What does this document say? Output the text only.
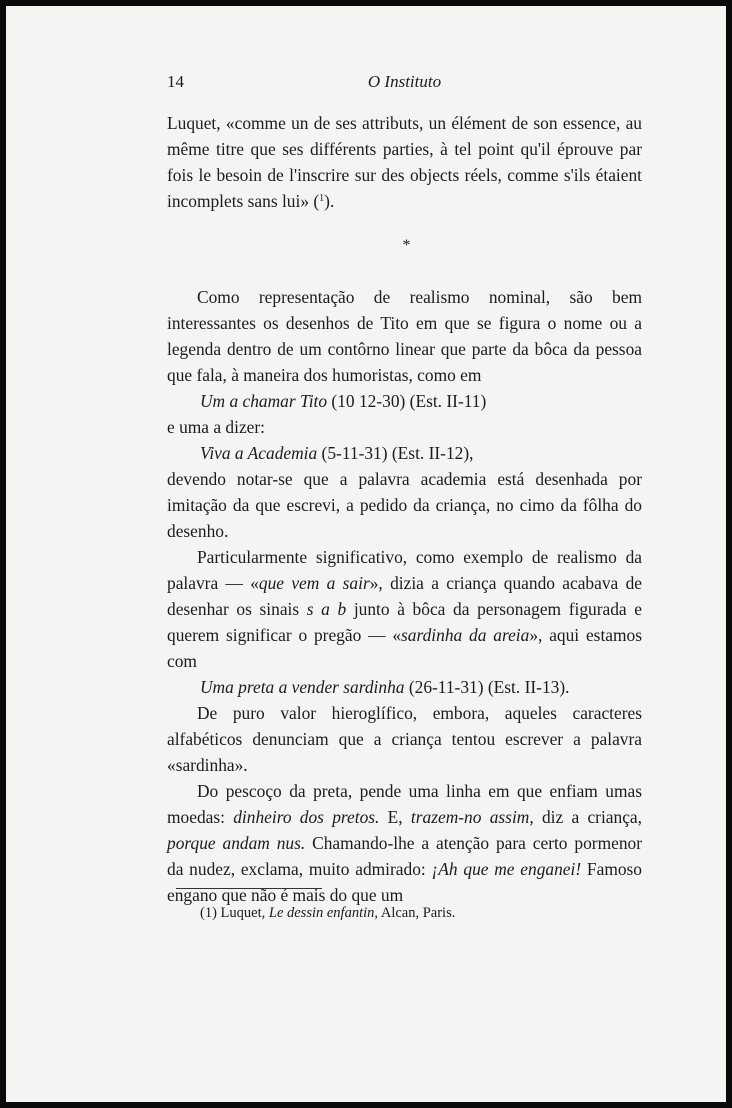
14	O Instituto

Luquet, «comme un de ses attributs, un élément de son essence, au même titre que ses différents parties, à tel point qu'il éprouve par fois le besoin de l'inscrire sur des objects réels, comme s'ils étaient incomplets sans lui» ($^1$).

*

Como representação de realismo nominal, são bem interessantes os desenhos de Tito em que se figura o nome ou a legenda dentro de um contôrno linear que parte da bôca da pessoa que fala, à maneira dos humoristas, como em

Um a chamar Tito (10 12-30) (Est. II-11)

e uma a dizer:

Viva a Academia (5-11-31) (Est. II-12),

devendo notar-se que a palavra academia está desenhada por imitação da que escrevi, a pedido da criança, no cimo da fôlha do desenho.

Particularmente significativo, como exemplo de realismo da palavra — «que vem a sair», dizia a criança quando acabava de desenhar os sinais s a b junto à bôca da personagem figurada e querem significar o pregão — «sardinha da areia», aqui estamos com

Uma preta a vender sardinha (26-11-31) (Est. II-13).

De puro valor hieroglífico, embora, aqueles caracteres alfabéticos denunciam que a criança tentou escrever a palavra «sardinha».

Do pescoço da preta, pende uma linha em que enfiam umas moedas: dinheiro dos pretos. E, trazem-no assim, diz a criança, porque andam nus. Chamando-lhe a atenção para certo pormenor da nudez, exclama, muito admirado: ¡Ah que me enganei! Famoso engano que não é mais do que um

(1) Luquet, Le dessin enfantin, Alcan, Paris.
